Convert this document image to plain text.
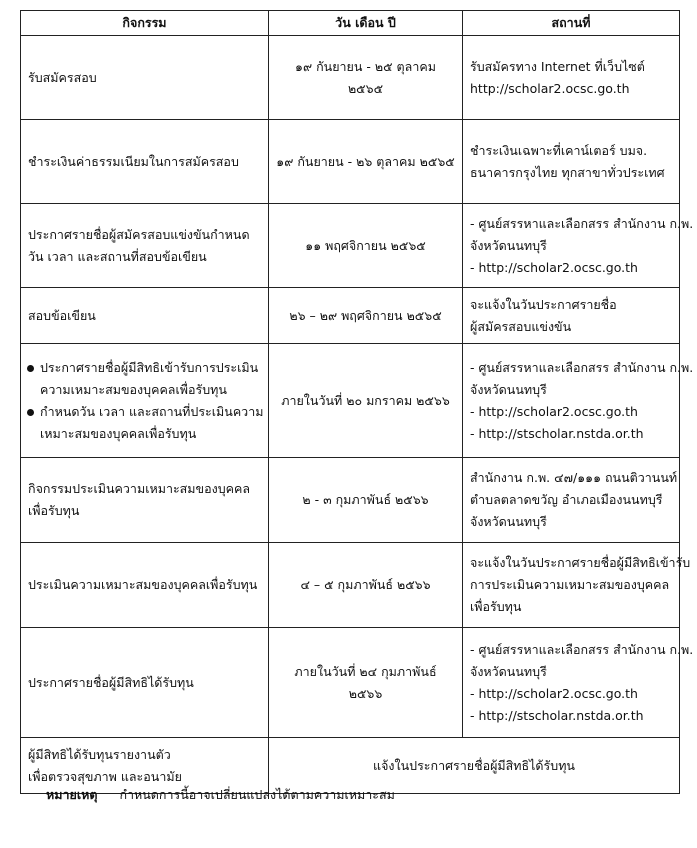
กิจกรรม	วัน เดือน ปี	สถานที่

รับสมัครสอบ	๑๙ กันยายน - ๒๕ ตุลาคม ๒๕๖๕	รับสมัครทาง Internet ที่เว็บไซต์
http://scholar2.ocsc.go.th

ชำระเงินค่าธรรมเนียมในการสมัครสอบ	๑๙ กันยายน - ๒๖ ตุลาคม ๒๕๖๕	ชำระเงินเฉพาะที่เคาน์เตอร์ บมจ.
ธนาคารกรุงไทย ทุกสาขาทั่วประเทศ

ประกาศรายชื่อผู้สมัครสอบแข่งขันกำหนด
วัน เวลา และสถานที่สอบข้อเขียน	๑๑ พฤศจิกายน ๒๕๖๕	- ศูนย์สรรหาและเลือกสรร สำนักงาน ก.พ.
จังหวัดนนทบุรี
- http://scholar2.ocsc.go.th

สอบข้อเขียน	๒๖ – ๒๙ พฤศจิกายน ๒๕๖๕	จะแจ้งในวันประกาศรายชื่อ
ผู้สมัครสอบแข่งขัน

ประกาศรายชื่อผู้มีสิทธิเข้ารับการประเมิน
ความเหมาะสมของบุคคลเพื่อรับทุน
กำหนดวัน เวลา และสถานที่ประเมินความ
เหมาะสมของบุคคลเพื่อรับทุน	ภายในวันที่ ๒๐ มกราคม ๒๕๖๖	- ศูนย์สรรหาและเลือกสรร สำนักงาน ก.พ.
จังหวัดนนทบุรี
- http://scholar2.ocsc.go.th
- http://stscholar.nstda.or.th

กิจกรรมประเมินความเหมาะสมของบุคคล
เพื่อรับทุน	๒ - ๓ กุมภาพันธ์ ๒๕๖๖	สำนักงาน ก.พ. ๔๗/๑๑๑ ถนนติวานนท์
ตำบลตลาดขวัญ อำเภอเมืองนนทบุรี
จังหวัดนนทบุรี

ประเมินความเหมาะสมของบุคคลเพื่อรับทุน	๔ – ๕ กุมภาพันธ์ ๒๕๖๖	จะแจ้งในวันประกาศรายชื่อผู้มีสิทธิเข้ารับ
การประเมินความเหมาะสมของบุคคล
เพื่อรับทุน

ประกาศรายชื่อผู้มีสิทธิได้รับทุน	ภายในวันที่ ๒๔ กุมภาพันธ์ ๒๕๖๖	- ศูนย์สรรหาและเลือกสรร สำนักงาน ก.พ.
จังหวัดนนทบุรี
- http://scholar2.ocsc.go.th
- http://stscholar.nstda.or.th

ผู้มีสิทธิได้รับทุนรายงานตัว
เพื่อตรวจสุขภาพ และอนามัย	แจ้งในประกาศรายชื่อผู้มีสิทธิได้รับทุน	
หมายเหตุ กำหนดการนี้อาจเปลี่ยนแปลงได้ตามความเหมาะสม
